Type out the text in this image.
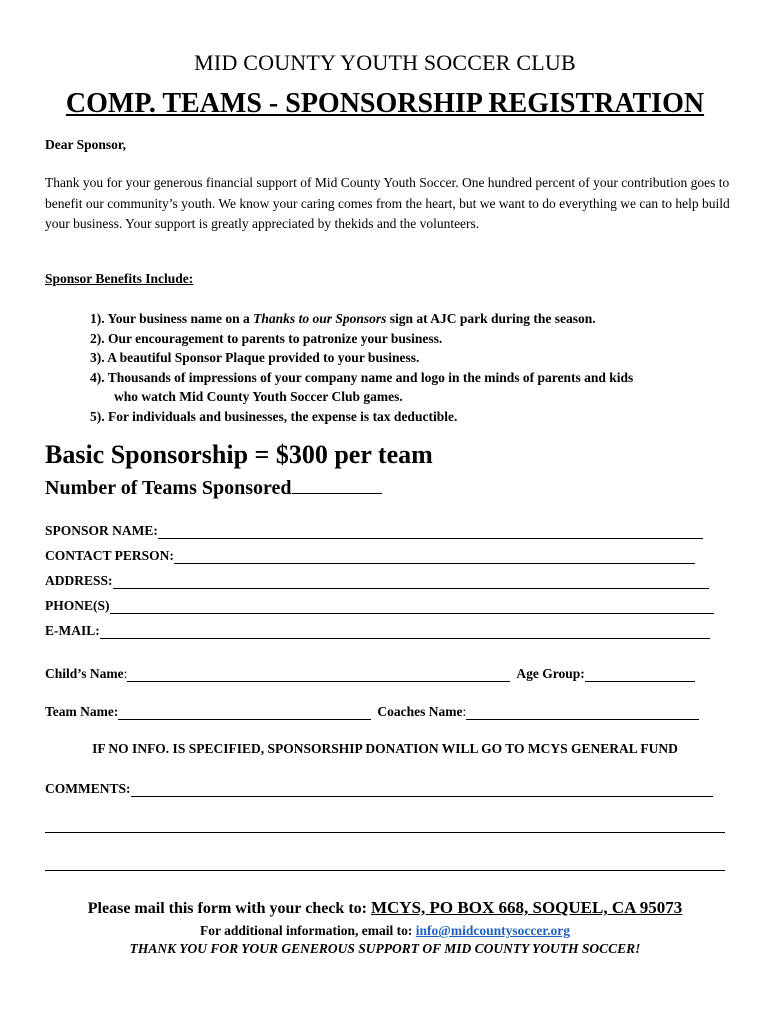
MID COUNTY YOUTH SOCCER CLUB
COMP. TEAMS - SPONSORSHIP REGISTRATION
Dear Sponsor,
Thank you for your generous financial support of Mid County Youth Soccer. One hundred percent of your contribution goes to benefit our community’s youth. We know your caring comes from the heart, but we want to do everything we can to help build your business. Your support is greatly appreciated by thekids and the volunteers.
Sponsor Benefits Include:
1). Your business name on a Thanks to our Sponsors sign at AJC park during the season.
2). Our encouragement to parents to patronize your business.
3). A beautiful Sponsor Plaque provided to your business.
4). Thousands of impressions of your company name and logo in the minds of parents and kids
who watch Mid County Youth Soccer Club games.
5). For individuals and businesses, the expense is tax deductible.
Basic Sponsorship = $300 per team
Number of Teams Sponsored
SPONSOR NAME:
CONTACT PERSON:
ADDRESS:
PHONE(S)
E-MAIL:
Child’s Name :	Age Group:
Team Name:	Coaches Name :
IF NO INFO. IS SPECIFIED, SPONSORSHIP DONATION WILL GO TO MCYS GENERAL FUND
COMMENTS:
Please mail this form with your check to: MCYS, PO BOX 668, SOQUEL, CA 95073
For additional information, email to: info@midcountysoccer.org
THANK YOU FOR YOUR GENEROUS SUPPORT OF MID COUNTY YOUTH SOCCER!
